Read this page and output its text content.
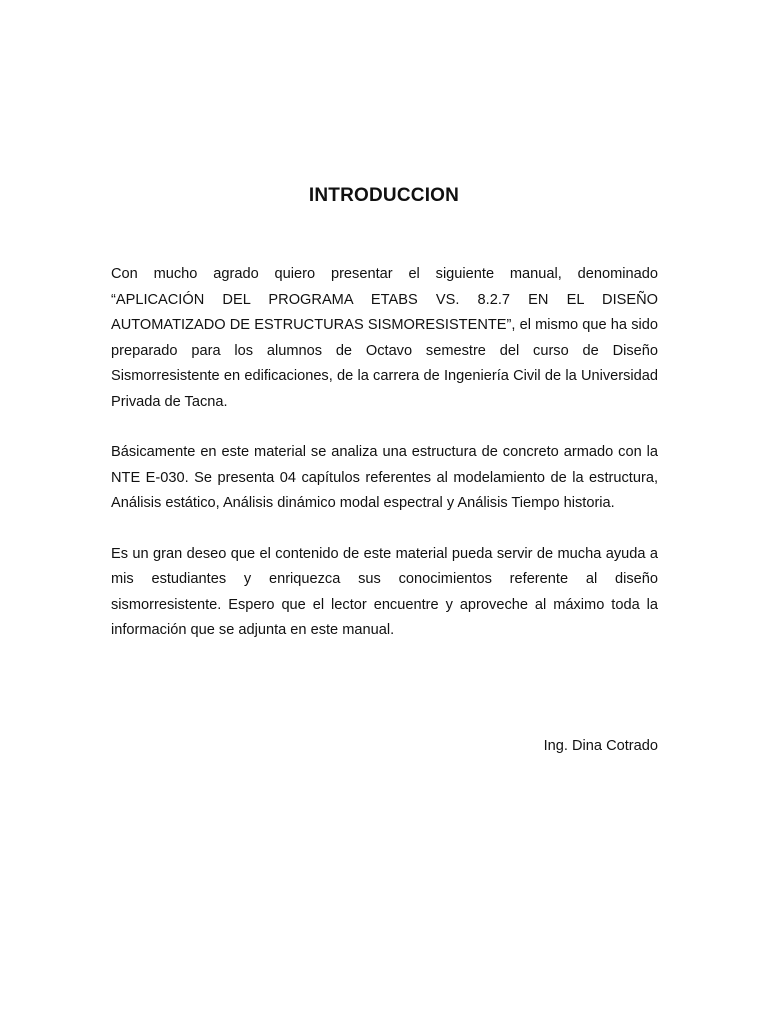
INTRODUCCION

Con mucho agrado quiero presentar el siguiente manual, denominado “APLICACIÓN DEL PROGRAMA ETABS VS. 8.2.7 EN EL DISEÑO AUTOMATIZADO DE ESTRUCTURAS SISMORESISTENTE”, el mismo que ha sido preparado para los alumnos de Octavo semestre del curso de Diseño Sismorresistente en edificaciones, de la carrera de Ingeniería Civil de la Universidad Privada de Tacna.

Básicamente en este material se analiza una estructura de concreto armado con la NTE E-030. Se presenta 04 capítulos referentes al modelamiento de la estructura, Análisis estático, Análisis dinámico modal espectral y Análisis Tiempo historia.

Es un gran deseo que el contenido de este material pueda servir de mucha ayuda a mis estudiantes y enriquezca sus conocimientos referente al diseño sismorresistente. Espero que el lector encuentre y aproveche al máximo toda la información que se adjunta en este manual.

Ing. Dina Cotrado
